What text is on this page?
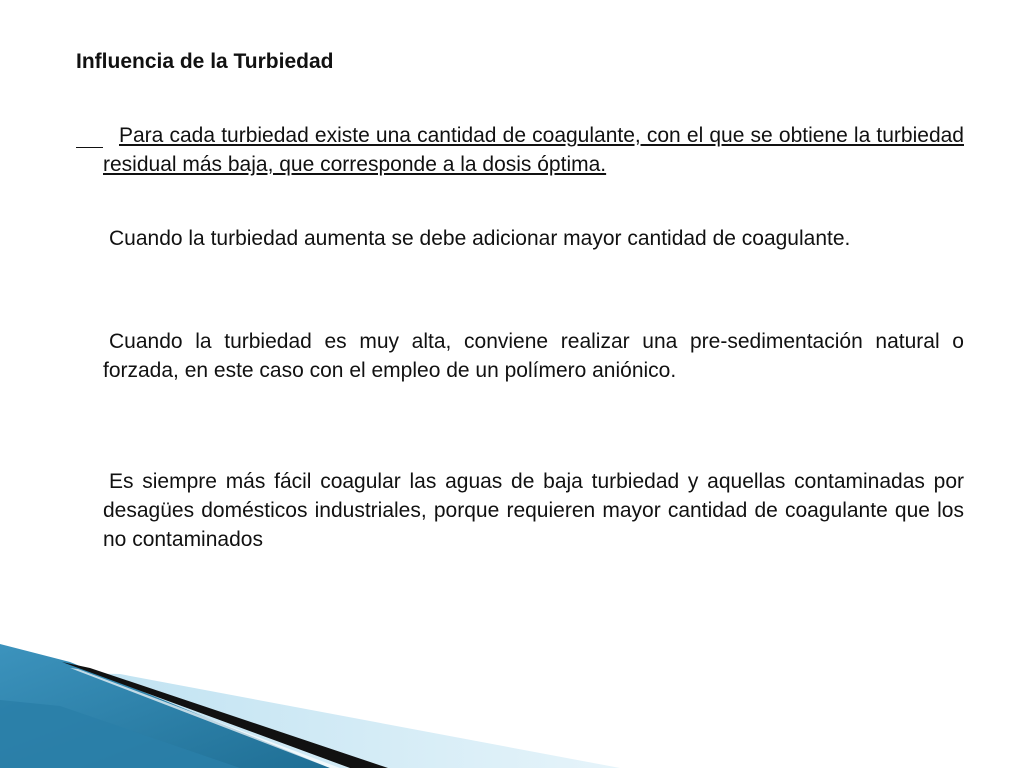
Influencia de la Turbiedad

Para cada turbiedad existe una cantidad de coagulante, con el que se obtiene la turbiedad residual más baja, que corresponde a la dosis óptima.

Cuando la turbiedad aumenta se debe adicionar mayor cantidad de coagulante.

Cuando la turbiedad es muy alta, conviene realizar una pre-sedimentación natural o forzada, en este caso con el empleo de un polímero aniónico.

Es siempre más fácil coagular las aguas de baja turbiedad y aquellas contaminadas por desagües domésticos industriales, porque requieren mayor cantidad de coagulante que los no contaminados
